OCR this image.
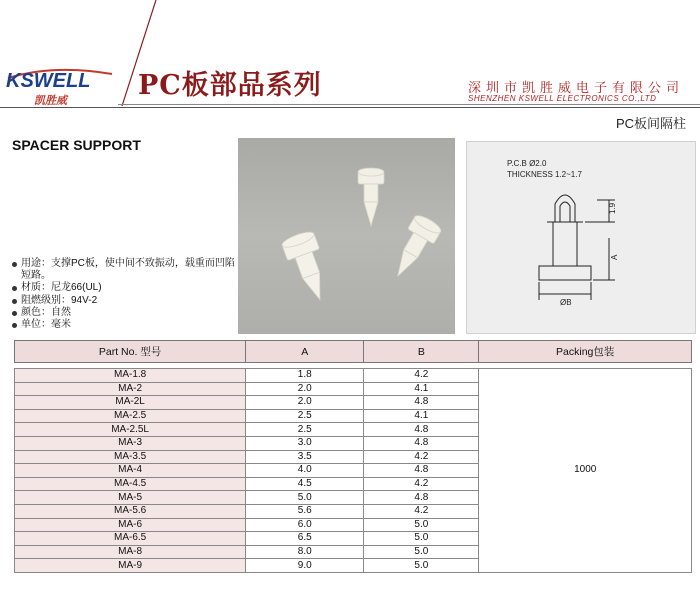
KSWELL
凯胜威	PC板部品系列	深圳市凯胜威电子有限公司
SHENZHEN KSWELL ELECTRONICS CO.,LTD
PC板间隔柱
SPACER SUPPORT
P.C.B Ø2.0
THICKNESS 1.2~1.7
1.9
A
ØB
用途：支撑PC板，使中间不致振动，载重而凹陷短路。
材质：尼龙66(UL)
阻燃级别：94V-2
颜色：自然
单位：毫米
Part No. 型号	A	B	Packing包装

MA-1.8	1.8	4.2	1000
MA-2	2.0	4.1	
MA-2L	2.0	4.8	
MA-2.5	2.5	4.1	
MA-2.5L	2.5	4.8	
MA-3	3.0	4.8	
MA-3.5	3.5	4.2	
MA-4	4.0	4.8	
MA-4.5	4.5	4.2	
MA-5	5.0	4.8	
MA-5.6	5.6	4.2	
MA-6	6.0	5.0	
MA-6.5	6.5	5.0	
MA-8	8.0	5.0	
MA-9	9.0	5.0	
